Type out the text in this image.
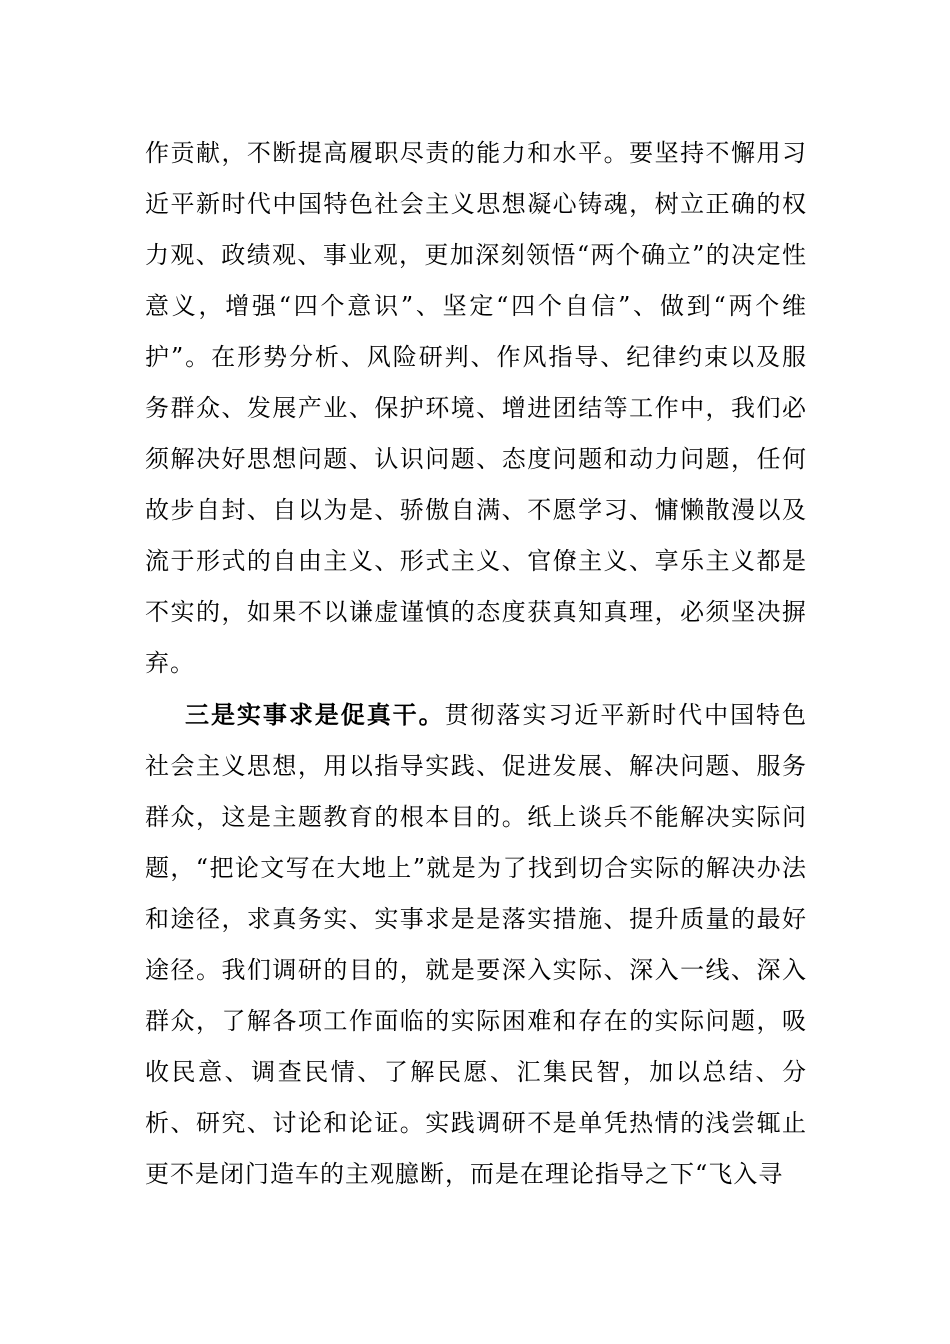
作贡献，不断提高履职尽责的能力和水平。要坚持不懈用习近平新时代中国特色社会主义思想凝心铸魂，树立正确的权力观、政绩观、事业观，更加深刻领悟“两个确立”的决定性意义，增强“四个意识”、坚定“四个自信”、做到“两个维护”。在形势分析、风险研判、作风指导、纪律约束以及服务群众、发展产业、保护环境、增进团结等工作中，我们必须解决好思想问题、认识问题、态度问题和动力问题，任何故步自封、自以为是、骄傲自满、不愿学习、慵懒散漫以及流于形式的自由主义、形式主义、官僚主义、享乐主义都是不实的，如果不以谦虚谨慎的态度获真知真理，必须坚决摒弃。

三是实事求是促真干。贯彻落实习近平新时代中国特色社会主义思想，用以指导实践、促进发展、解决问题、服务群众，这是主题教育的根本目的。纸上谈兵不能解决实际问题，“把论文写在大地上”就是为了找到切合实际的解决办法和途径，求真务实、实事求是是落实措施、提升质量的最好途径。我们调研的目的，就是要深入实际、深入一线、深入群众，了解各项工作面临的实际困难和存在的实际问题，吸收民意、调查民情、了解民愿、汇集民智，加以总结、分析、研究、讨论和论证。实践调研不是单凭热情的浅尝辄止更不是闭门造车的主观臆断，而是在理论指导之下“飞入寻
